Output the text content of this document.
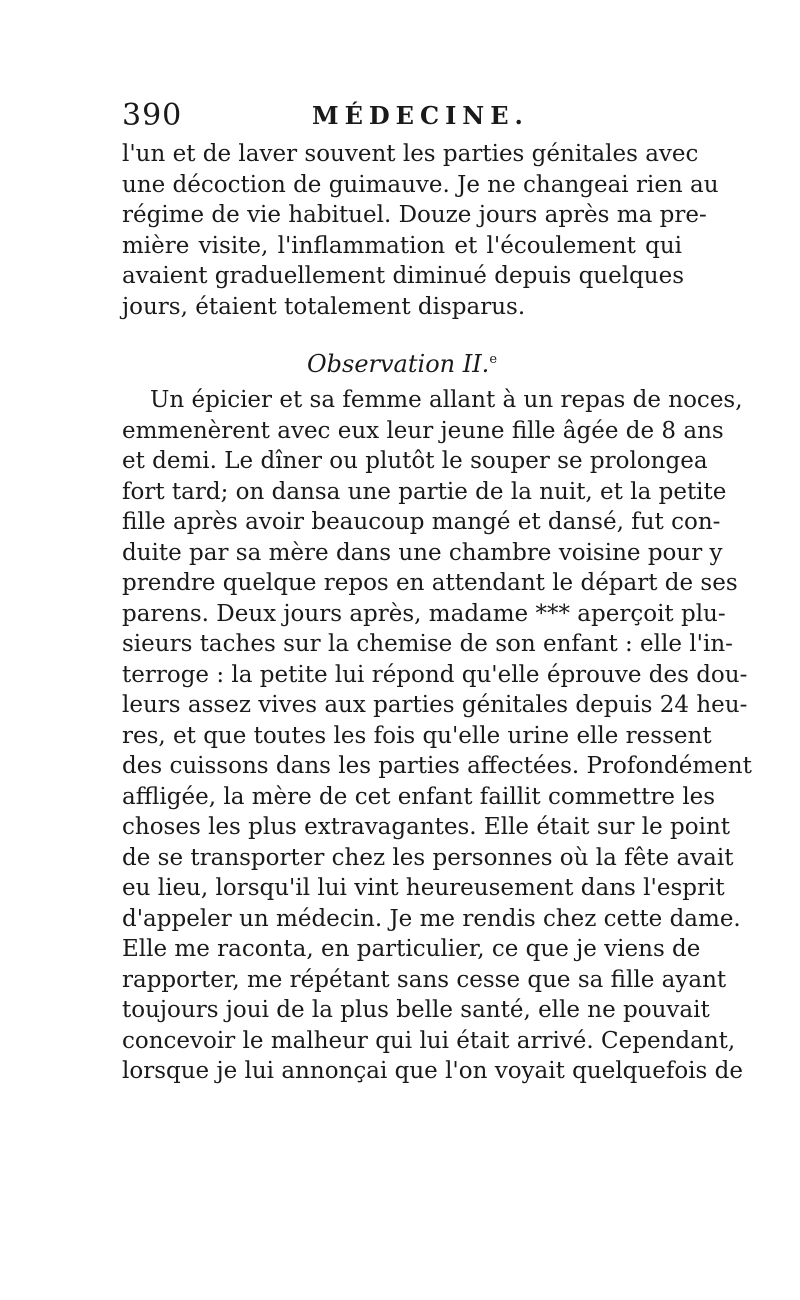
390	MÉDECINE.
l'un et de laver souvent les parties génitales avec
une décoction de guimauve. Je ne changeai rien au
régime de vie habituel. Douze jours après ma pre-
mière visite, l'inflammation et l'écoulement qui
avaient graduellement diminué depuis quelques
jours, étaient totalement disparus.
Observation II.$^e$
Un épicier et sa femme allant à un repas de noces,
emmenèrent avec eux leur jeune fille âgée de 8 ans
et demi. Le dîner ou plutôt le souper se prolongea
fort tard; on dansa une partie de la nuit, et la petite
fille après avoir beaucoup mangé et dansé, fut con-
duite par sa mère dans une chambre voisine pour y
prendre quelque repos en attendant le départ de ses
parens. Deux jours après, madame *** aperçoit plu-
sieurs taches sur la chemise de son enfant : elle l'in-
terroge : la petite lui répond qu'elle éprouve des dou-
leurs assez vives aux parties génitales depuis 24 heu-
res, et que toutes les fois qu'elle urine elle ressent
des cuissons dans les parties affectées. Profondément
affligée, la mère de cet enfant faillit commettre les
choses les plus extravagantes. Elle était sur le point
de se transporter chez les personnes où la fête avait
eu lieu, lorsqu'il lui vint heureusement dans l'esprit
d'appeler un médecin. Je me rendis chez cette dame.
Elle me raconta, en particulier, ce que je viens de
rapporter, me répétant sans cesse que sa fille ayant
toujours joui de la plus belle santé, elle ne pouvait
concevoir le malheur qui lui était arrivé. Cependant,
lorsque je lui annonçai que l'on voyait quelquefois de
